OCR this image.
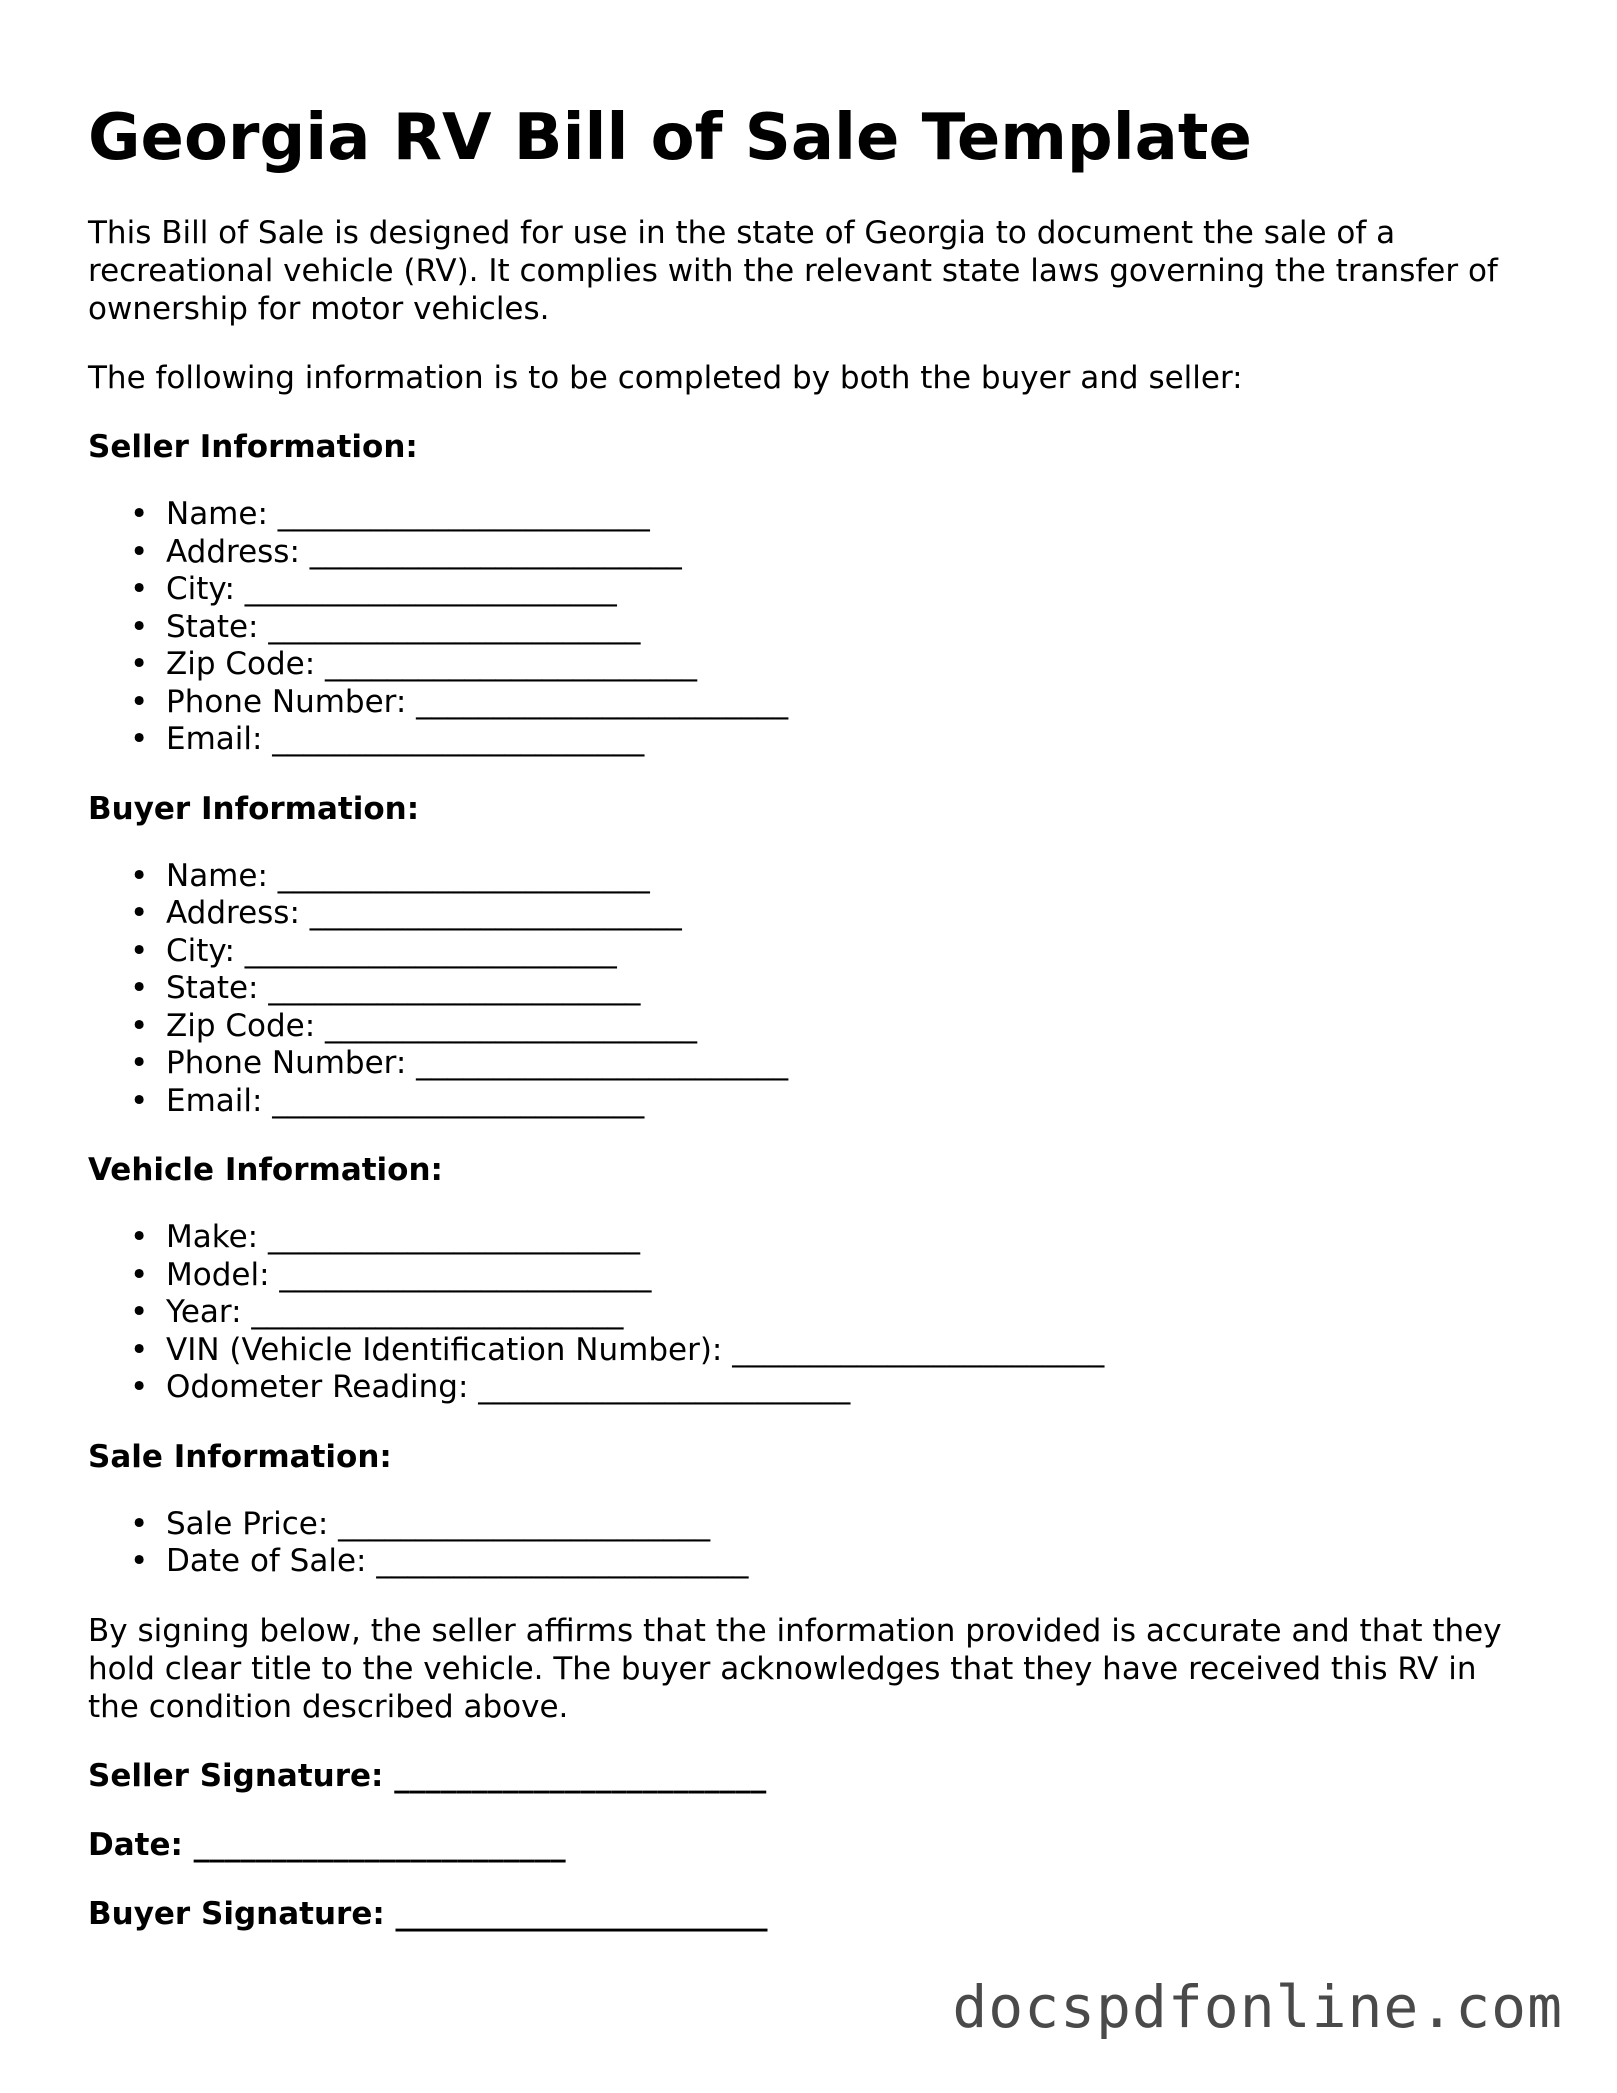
Georgia RV Bill of Sale Template

This Bill of Sale is designed for use in the state of Georgia to document the sale of a recreational vehicle (RV). It complies with the relevant state laws governing the transfer of ownership for motor vehicles.

The following information is to be completed by both the buyer and seller:

Seller Information:
• Name: ________________________
• Address: ________________________
• City: ________________________
• State: ________________________
• Zip Code: ________________________
• Phone Number: ________________________
• Email: ________________________
Buyer Information:
• Name: ________________________
• Address: ________________________
• City: ________________________
• State: ________________________
• Zip Code: ________________________
• Phone Number: ________________________
• Email: ________________________
Vehicle Information:
• Make: ________________________
• Model: ________________________
• Year: ________________________
• VIN (Vehicle Identification Number): ________________________
• Odometer Reading: ________________________
Sale Information:
• Sale Price: ________________________
• Date of Sale: ________________________

By signing below, the seller affirms that the information provided is accurate and that they hold clear title to the vehicle. The buyer acknowledges that they have received this RV in the condition described above.

Seller Signature: ________________________
Date: ________________________
Buyer Signature: ________________________
docspdfonline.com
